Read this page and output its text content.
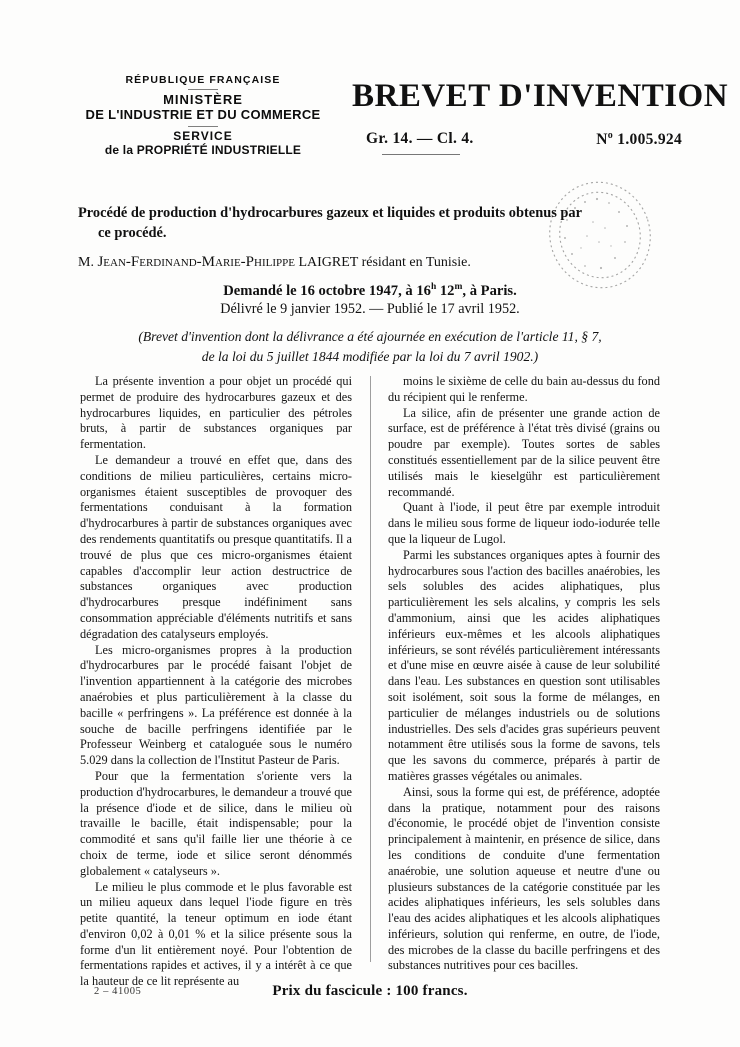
RÉPUBLIQUE FRANÇAISE
MINISTÈRE
DE L'INDUSTRIE ET DU COMMERCE
SERVICE
de la PROPRIÉTÉ INDUSTRIELLE
BREVET D'INVENTION
Gr. 14. — Cl. 4.	$N^o$ 1.005.924
Procédé de production d'hydrocarbures gazeux et liquides et produits obtenus par
ce procédé.
M. Jean-Ferdinand-Marie-Philippe LAIGRET résidant en Tunisie.
Demandé le 16 octobre 1947, à 16$^h$ 12$^m$, à Paris.
Délivré le 9 janvier 1952. — Publié le 17 avril 1952.
(Brevet d'invention dont la délivrance a été ajournée en exécution de l'article 11, § 7,
de la loi du 5 juillet 1844 modifiée par la loi du 7 avril 1902.)

La présente invention a pour objet un procédé qui permet de produire des hydrocarbures gazeux et des hydrocarbures liquides, en particulier des pétroles bruts, à partir de substances organiques par fermentation.

Le demandeur a trouvé en effet que, dans des conditions de milieu particulières, certains micro-organismes étaient susceptibles de provoquer des fermentations conduisant à la formation d'hydrocarbures à partir de substances organiques avec des rendements quantitatifs ou presque quantitatifs. Il a trouvé de plus que ces micro-organismes étaient capables d'accomplir leur action destructrice de substances organiques avec production d'hydrocarbures presque indéfiniment sans consommation appréciable d'éléments nutritifs et sans dégradation des catalyseurs employés.

Les micro-organismes propres à la production d'hydrocarbures par le procédé faisant l'objet de l'invention appartiennent à la catégorie des microbes anaérobies et plus particulièrement à la classe du bacille « perfringens ». La préférence est donnée à la souche de bacille perfringens identifiée par le Professeur Weinberg et cataloguée sous le numéro 5.029 dans la collection de l'Institut Pasteur de Paris.

Pour que la fermentation s'oriente vers la production d'hydrocarbures, le demandeur a trouvé que la présence d'iode et de silice, dans le milieu où travaille le bacille, était indispensable; pour la commodité et sans qu'il faille lier une théorie à ce choix de terme, iode et silice seront dénommés globalement « catalyseurs ».

Le milieu le plus commode et le plus favorable est un milieu aqueux dans lequel l'iode figure en très petite quantité, la teneur optimum en iode étant d'environ 0,02 à 0,01 % et la silice présente sous la forme d'un lit entièrement noyé. Pour l'obtention de fermentations rapides et actives, il y a intérêt à ce que la hauteur de ce lit représente au

moins le sixième de celle du bain au-dessus du fond du récipient qui le renferme.

La silice, afin de présenter une grande action de surface, est de préférence à l'état très divisé (grains ou poudre par exemple). Toutes sortes de sables constitués essentiellement par de la silice peuvent être utilisés mais le kieselgühr est particulièrement recommandé.

Quant à l'iode, il peut être par exemple introduit dans le milieu sous forme de liqueur iodo-iodurée telle que la liqueur de Lugol.

Parmi les substances organiques aptes à fournir des hydrocarbures sous l'action des bacilles anaérobies, les sels solubles des acides aliphatiques, plus particulièrement les sels alcalins, y compris les sels d'ammonium, ainsi que les acides aliphatiques inférieurs eux-mêmes et les alcools aliphatiques inférieurs, se sont révélés particulièrement intéressants et d'une mise en œuvre aisée à cause de leur solubilité dans l'eau. Les substances en question sont utilisables soit isolément, soit sous la forme de mélanges, en particulier de mélanges industriels ou de solutions industrielles. Des sels d'acides gras supérieurs peuvent notamment être utilisés sous la forme de savons, tels que les savons du commerce, préparés à partir de matières grasses végétales ou animales.

Ainsi, sous la forme qui est, de préférence, adoptée dans la pratique, notamment pour des raisons d'économie, le procédé objet de l'invention consiste principalement à maintenir, en présence de silice, dans les conditions de conduite d'une fermentation anaérobie, une solution aqueuse et neutre d'une ou plusieurs substances de la catégorie constituée par les acides aliphatiques inférieurs, les sels solubles dans l'eau des acides aliphatiques et les alcools aliphatiques inférieurs, solution qui renferme, en outre, de l'iode, des microbes de la classe du bacille perfringens et des substances nutritives pour ces bacilles.

2 – 41005	Prix du fascicule : 100 francs.
